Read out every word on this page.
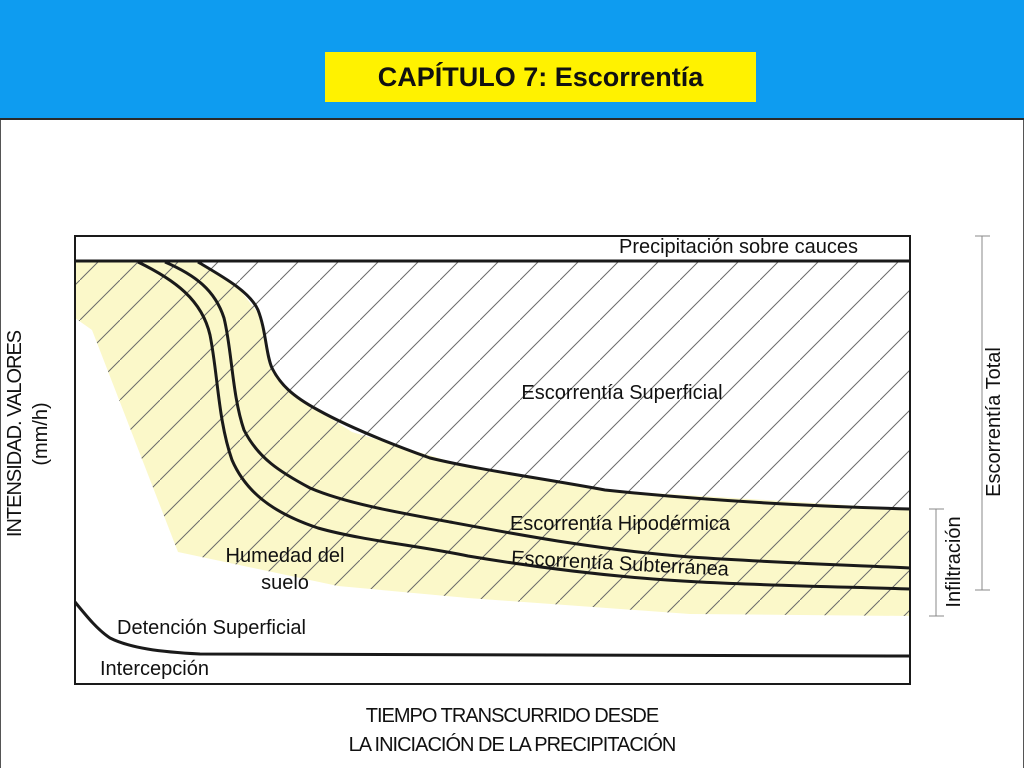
CAPÍTULO 7: Escorrentía
Precipitación sobre cauces
Escorrentía Superficial
Escorrentía Hipodérmica
Escorrentía Subterránea
Humedad del
suelo
Detención Superficial
Intercepción
TIEMPO TRANSCURRIDO DESDE
LA INICIACIÓN DE LA PRECIPITACIÓN
INTENSIDAD. VALORES (mm/h)	Escorrentía Total
Infiltración
